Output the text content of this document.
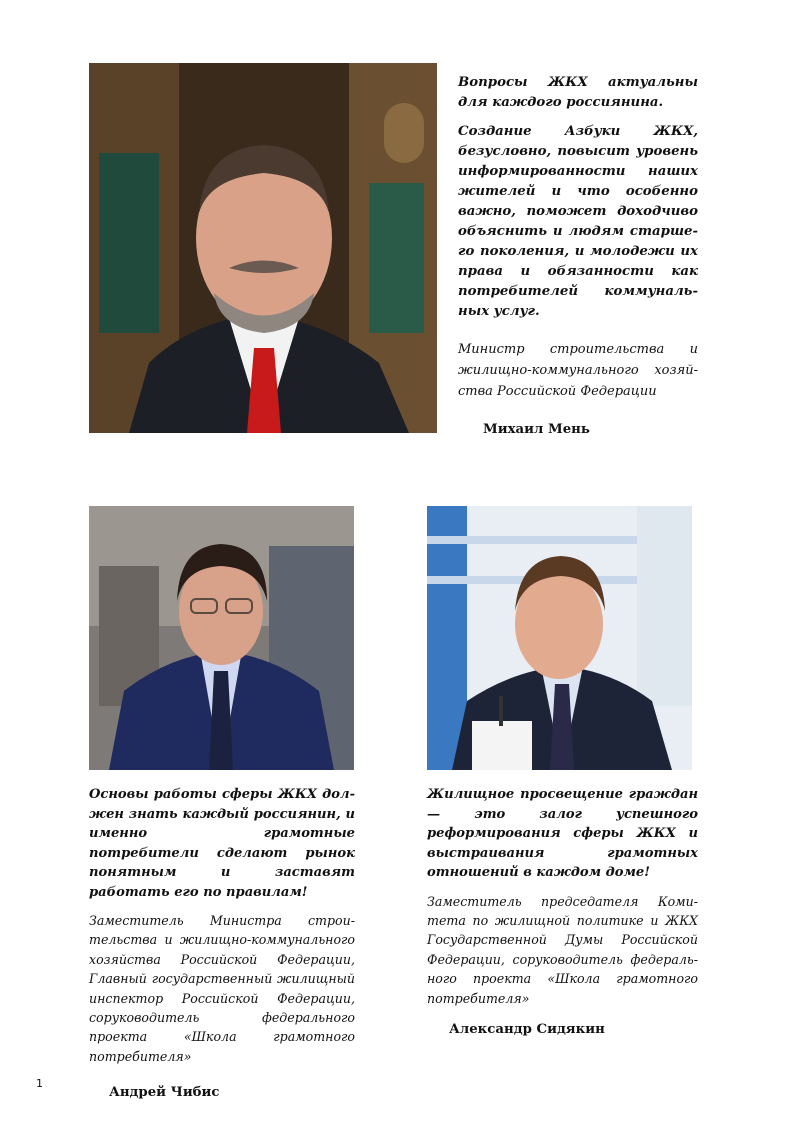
Вопросы ЖКХ актуальны для каждого россиянина.

Создание Азбуки ЖКХ, безусловно, повысит уровень информированности наших жителей и что особенно важно, поможет доходчиво объяснить и людям старшего поколения, и молодежи их права и обязанности как потребителей коммунальных услуг.

Министр строительства и жилищно-коммунального хозяйства Российской Федерации

Михаил Мень

Основы работы сферы ЖКХ должен знать каждый россиянин, и именно грамотные потребители сделают рынок понятным и заставят работать его по правилам!

Заместитель Министра строительства и жилищно-коммунального хозяйства Российской Федерации, Главный государственный жилищный инспектор Российской Федерации, соруководитель федерального проекта «Школа грамотного потребителя»

Андрей Чибис

Жилищное просвещение граждан — это залог успешного реформирования сферы ЖКХ и выстраивания грамотных отношений в каждом доме!

Заместитель председателя Комитета по жилищной политике и ЖКХ Государственной Думы Российской Федерации, соруководитель федерального проекта «Школа грамотного потребителя»

Александр Сидякин

1
